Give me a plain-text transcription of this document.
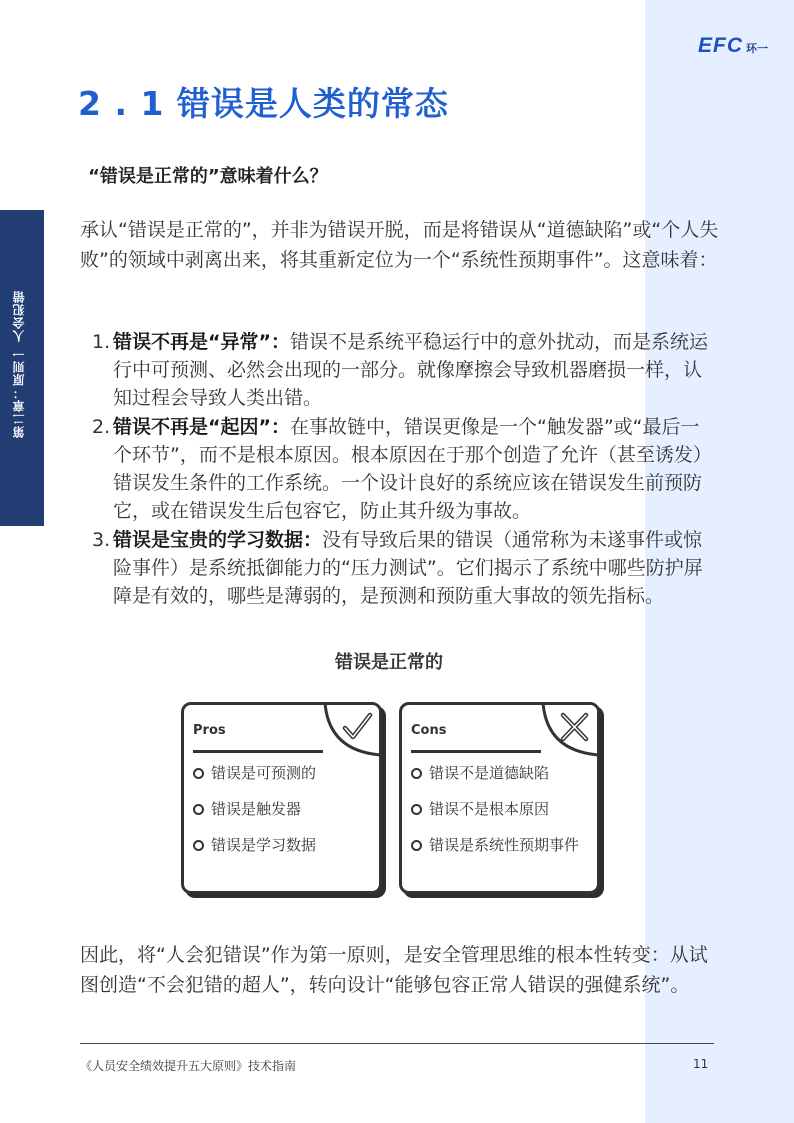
EFC 环一
第二章：原则一 人会犯错
2 . 1 错误是人类的常态
“错误是正常的”意味着什么？
承认“错误是正常的”，并非为错误开脱，而是将错误从“道德缺陷”或“个人失败”的领域中剥离出来，将其重新定位为一个“系统性预期事件”。这意味着：
1. 错误不再是“异常”：错误不是系统平稳运行中的意外扰动，而是系统运行中可预测、必然会出现的一部分。就像摩擦会导致机器磨损一样，认知过程会导致人类出错。
2. 错误不再是“起因”：在事故链中，错误更像是一个“触发器”或“最后一个环节”，而不是根本原因。根本原因在于那个创造了允许（甚至诱发）错误发生条件的工作系统。一个设计良好的系统应该在错误发生前预防它，或在错误发生后包容它，防止其升级为事故。
3. 错误是宝贵的学习数据：没有导致后果的错误（通常称为未遂事件或惊险事件）是系统抵御能力的“压力测试”。它们揭示了系统中哪些防护屏障是有效的，哪些是薄弱的，是预测和预防重大事故的领先指标。
错误是正常的
Pros
错误是可预测的
错误是触发器
错误是学习数据
Cons
错误不是道德缺陷
错误不是根本原因
错误是系统性预期事件
因此，将“人会犯错误”作为第一原则，是安全管理思维的根本性转变：从试图创造“不会犯错的超人”，转向设计“能够包容正常人错误的强健系统”。
《人员安全绩效提升五大原则》技术指南	11
